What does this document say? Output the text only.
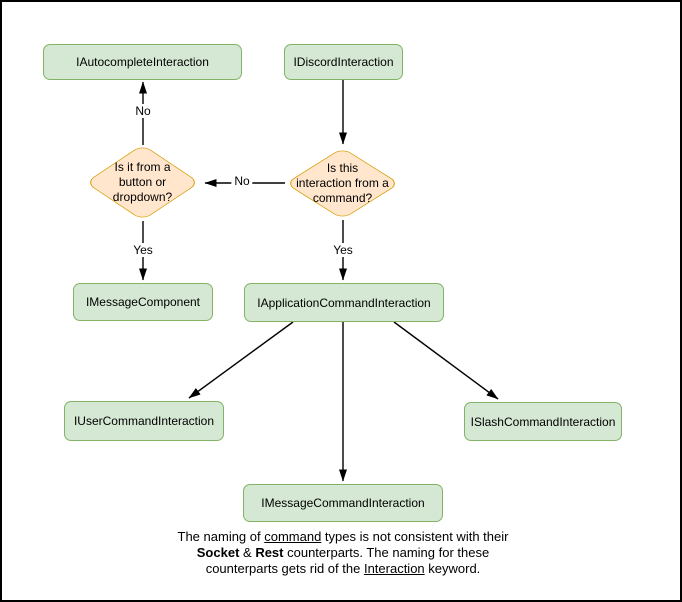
Is it from a
button or
dropdown?
Is this
interaction from a
command?
IAutocompleteInteraction	IDiscordInteraction
IMessageComponent	IApplicationCommandInteraction
IUserCommandInteraction	ISlashCommandInteraction
IMessageCommandInteraction
No
No
Yes	Yes
The naming of command types is not consistent with their
Socket & Rest counterparts. The naming for these
counterparts gets rid of the Interaction keyword.
